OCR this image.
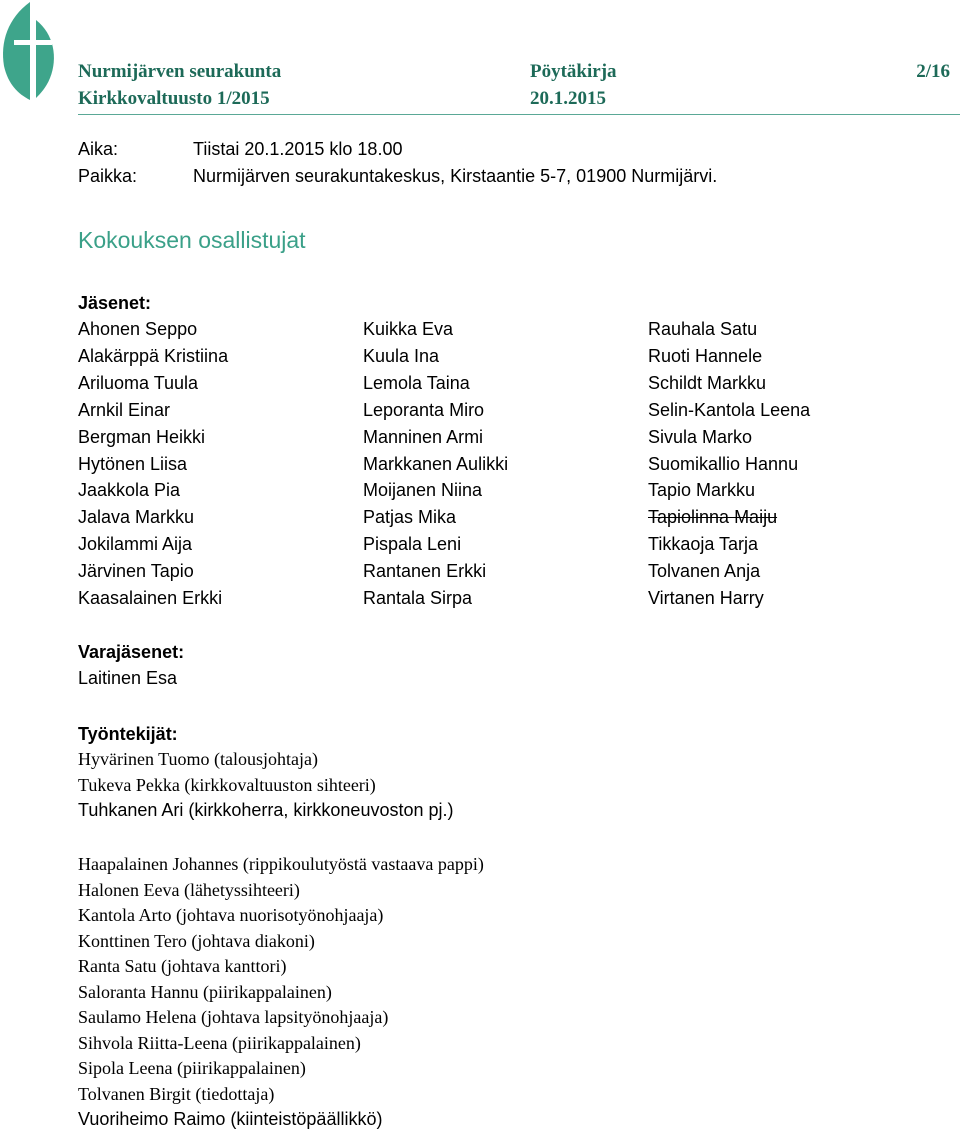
Nurmijärven seurakunta
Kirkkovaltuusto 1/2015
Pöytäkirja
20.1.2015
2/16
Aika:	Tiistai 20.1.2015 klo 18.00
Paikka:	Nurmijärven seurakuntakeskus, Kirstaantie 5-7, 01900 Nurmijärvi.
Kokouksen osallistujat
Jäsenet:
Ahonen Seppo
Alakärppä Kristiina
Ariluoma Tuula
Arnkil Einar
Bergman Heikki
Hytönen Liisa
Jaakkola Pia
Jalava Markku
Jokilammi Aija
Järvinen Tapio
Kaasalainen Erkki
Kuikka Eva
Kuula Ina
Lemola Taina
Leporanta Miro
Manninen Armi
Markkanen Aulikki
Moijanen Niina
Patjas Mika
Pispala Leni
Rantanen Erkki
Rantala Sirpa
Rauhala Satu
Ruoti Hannele
Schildt Markku
Selin-Kantola Leena
Sivula Marko
Suomikallio Hannu
Tapio Markku
Tapiolinna Maiju
Tikkaoja Tarja
Tolvanen Anja
Virtanen Harry
Varajäsenet:
Laitinen Esa
Työntekijät:
Hyvärinen Tuomo (talousjohtaja)
Tukeva Pekka (kirkkovaltuuston sihteeri)
Tuhkanen Ari (kirkkoherra, kirkkoneuvoston pj.)
Haapalainen Johannes (rippikoulutyöstä vastaava pappi)
Halonen Eeva (lähetyssihteeri)
Kantola Arto (johtava nuorisotyönohjaaja)
Konttinen Tero (johtava diakoni)
Ranta Satu (johtava kanttori)
Saloranta Hannu (piirikappalainen)
Saulamo Helena (johtava lapsityönohjaaja)
Sihvola Riitta-Leena (piirikappalainen)
Sipola Leena (piirikappalainen)
Tolvanen Birgit (tiedottaja)
Vuoriheimo Raimo (kiinteistöpäällikkö)
